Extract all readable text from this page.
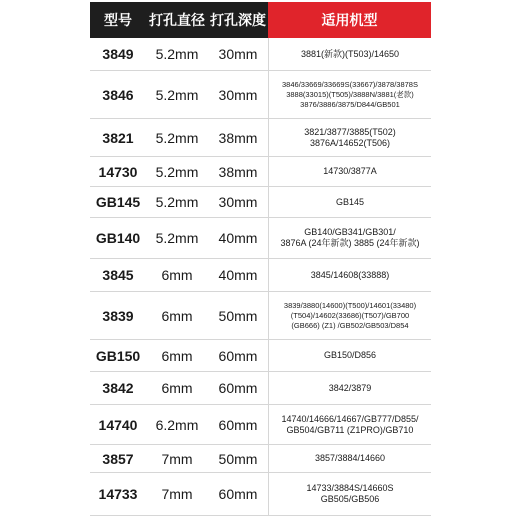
型号	打孔直径 打孔深度	适用机型
3849	5.2mm	30mm	3881(新款)(T503)/14650
3846	5.2mm	30mm
3846/33669/33669S(33667)/3878/3878S
3888(33015)(T505)/3888N/3881(老款)
3876/3886/3875/D844/GB501
3821	5.2mm	38mm	3821/3877/3885(T502)
3876A/14652(T506)
14730	5.2mm	38mm	14730/3877A
GB145	5.2mm	30mm	GB145
GB140	5.2mm	40mm	GB140/GB341/GB301/
3876A (24年新款) 3885 (24年新款)
3845	6mm	40mm	3845/14608(33888)
3839	6mm	50mm
3839/3880(14600)(T500)/14601(33480)
(T504)/14602(33686)(T507)/GB700
(GB666) (Z1) /GB502/GB503/D854
GB150	6mm	60mm	GB150/D856
3842	6mm	60mm	3842/3879
14740	6.2mm	60mm	14740/14666/14667/GB777/D855/
GB504/GB711 (Z1PRO)/GB710
3857	7mm	50mm	3857/3884/14660
14733	7mm	60mm	14733/3884S/14660S
GB505/GB506
